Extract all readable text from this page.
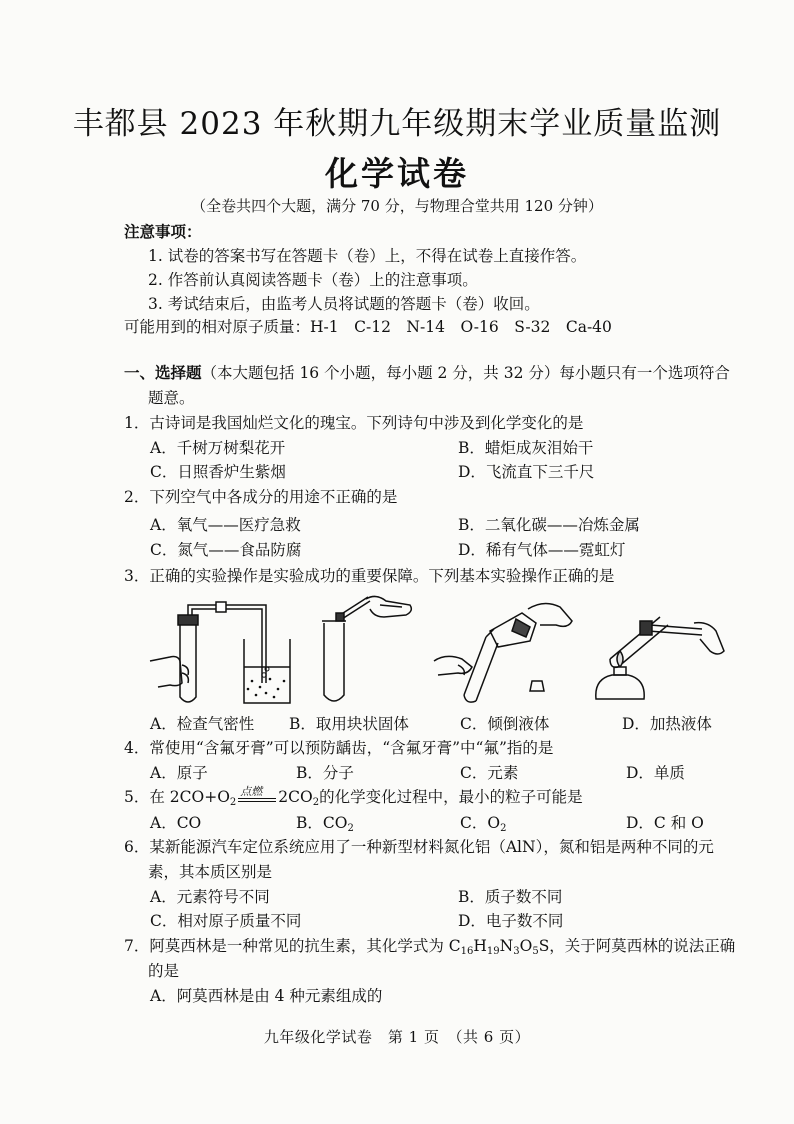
丰都县 2023 年秋期九年级期末学业质量监测
化学试卷
（全卷共四个大题，满分 70 分，与物理合堂共用 120 分钟）
注意事项：
1. 试卷的答案书写在答题卡（卷）上，不得在试卷上直接作答。
2. 作答前认真阅读答题卡（卷）上的注意事项。
3. 考试结束后，由监考人员将试题的答题卡（卷）收回。
可能用到的相对原子质量：H-1　C-12　N-14　O-16　S-32　Ca-40
一、选择题（本大题包括 16 个小题，每小题 2 分，共 32 分）每小题只有一个选项符合
题意。
1．古诗词是我国灿烂文化的瑰宝。下列诗句中涉及到化学变化的是
A．千树万树梨花开	B．蜡炬成灰泪始干
C．日照香炉生紫烟	D．飞流直下三千尺
2．下列空气中各成分的用途不正确的是
A．氧气——医疗急救	B．二氧化碳——冶炼金属
C．氮气——食品防腐	D．稀有气体——霓虹灯
3．正确的实验操作是实验成功的重要保障。下列基本实验操作正确的是
A．检查气密性 B．取用块状固体	C．倾倒液体	D．加热液体
4．常使用“含氟牙膏”可以预防龋齿，“含氟牙膏”中“氟”指的是
A．原子	B．分子	C．元素	D．单质
5．在 $2CO+O_2$
点燃 $2CO_2$的化学变化过程中，最小的粒子可能是
A．CO	B．$CO_2$	C．$O_2$	D．C 和 O
6．某新能源汽车定位系统应用了一种新型材料氮化铝（AlN），氮和铝是两种不同的元
素，其本质区别是
A．元素符号不同	B．质子数不同
C．相对原子质量不同	D．电子数不同
7．阿莫西林是一种常见的抗生素，其化学式为 $C_{16}H_{19}N_3O_5S$，关于阿莫西林的说法正确
的是
A．阿莫西林是由 4 种元素组成的
九年级化学试卷　第 1 页　（共 6 页）
